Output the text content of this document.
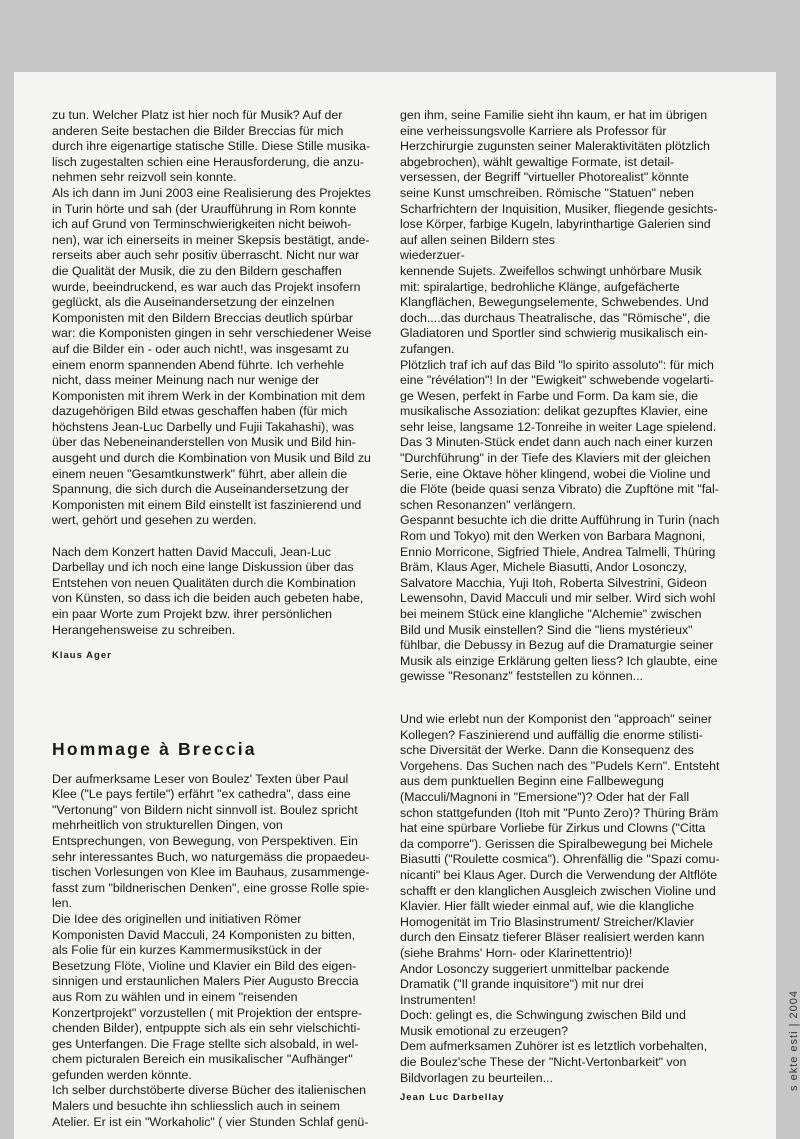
zu tun. Welcher Platz ist hier noch für Musik? Auf der
anderen Seite bestachen die Bilder Breccias für mich
durch ihre eigenartige statische Stille. Diese Stille musika-
lisch zugestalten schien eine Herausforderung, die anzu-
nehmen sehr reizvoll sein konnte.
Als ich dann im Juni 2003 eine Realisierung des Projektes
in Turin hörte und sah (der Uraufführung in Rom konnte
ich auf Grund von Terminschwierigkeiten nicht beiwoh-
nen), war ich einerseits in meiner Skepsis bestätigt, ande-
rerseits aber auch sehr positiv überrascht. Nicht nur war
die Qualität der Musik, die zu den Bildern geschaffen
wurde, beeindruckend, es war auch das Projekt insofern
geglückt, als die Auseinandersetzung der einzelnen
Komponisten mit den Bildern Breccias deutlich spürbar
war: die Komponisten gingen in sehr verschiedener Weise
auf die Bilder ein - oder auch nicht!, was insgesamt zu
einem enorm spannenden Abend führte. Ich verhehle
nicht, dass meiner Meinung nach nur wenige der
Komponisten mit ihrem Werk in der Kombination mit dem
dazugehörigen Bild etwas geschaffen haben (für mich
höchstens Jean-Luc Darbelly und Fujii Takahashi), was
über das Nebeneinanderstellen von Musik und Bild hin-
ausgeht und durch die Kombination von Musik und Bild zu
einem neuen "Gesamtkunstwerk" führt, aber allein die
Spannung, die sich durch die Auseinandersetzung der
Komponisten mit einem Bild einstellt ist faszinierend und
wert, gehört und gesehen zu werden.
Nach dem Konzert hatten David Macculi, Jean-Luc
Darbellay und ich noch eine lange Diskussion über das
Entstehen von neuen Qualitäten durch die Kombination
von Künsten, so dass ich die beiden auch gebeten habe,
ein paar Worte zum Projekt bzw. ihrer persönlichen
Herangehensweise zu schreiben.
Klaus Ager
Hommage à Breccia
Der aufmerksame Leser von Boulez' Texten über Paul
Klee ("Le pays fertile") erfährt "ex cathedra", dass eine
"Vertonung" von Bildern nicht sinnvoll ist. Boulez spricht
mehrheitlich von strukturellen Dingen, von
Entsprechungen, von Bewegung, von Perspektiven. Ein
sehr interessantes Buch, wo naturgemäss die propaedeu-
tischen Vorlesungen von Klee im Bauhaus, zusammenge-
fasst zum "bildnerischen Denken", eine grosse Rolle spie-
len.
Die Idee des originellen und initiativen Römer
Komponisten David Macculi, 24 Komponisten zu bitten,
als Folie für ein kurzes Kammermusikstück in der
Besetzung Flöte, Violine und Klavier ein Bild des eigen-
sinnigen und erstaunlichen Malers Pier Augusto Breccia
aus Rom zu wählen und in einem "reisenden
Konzertprojekt" vorzustellen ( mit Projektion der entspre-
chenden Bilder), entpuppte sich als ein sehr vielschichti-
ges Unterfangen. Die Frage stellte sich alsobald, in wel-
chem picturalen Bereich ein musikalischer "Aufhänger"
gefunden werden könnte.
Ich selber durchstöberte diverse Bücher des italienischen
Malers und besuchte ihn schliesslich auch in seinem
Atelier. Er ist ein "Workaholic" ( vier Stunden Schlaf genü-
gen ihm, seine Familie sieht ihn kaum, er hat im übrigen
eine verheissungsvolle Karriere als Professor für
Herzchirurgie zugunsten seiner Maleraktivitäten plötzlich
abgebrochen), wählt gewaltige Formate, ist detail-
versessen, der Begriff "virtueller Photorealist" könnte
seine Kunst umschreiben. Römische "Statuen" neben
Scharfrichtern der Inquisition, Musiker, fliegende gesichts-
lose Körper, farbige Kugeln, labyrinthartige Galerien sind
auf allen seinen Bildern stes
wiederzuer-
kennende Sujets. Zweifellos schwingt unhörbare Musik
mit: spiralartige, bedrohliche Klänge, aufgefächerte
Klangflächen, Bewegungselemente, Schwebendes. Und
doch....das durchaus Theatralische, das "Römische", die
Gladiatoren und Sportler sind schwierig musikalisch ein-
zufangen.
Plötzlich traf ich auf das Bild "lo spirito assoluto": für mich
eine "révélation"! In der "Ewigkeit" schwebende vogelarti-
ge Wesen, perfekt in Farbe und Form. Da kam sie, die
musikalische Assoziation: delikat gezupftes Klavier, eine
sehr leise, langsame 12-Tonreihe in weiter Lage spielend.
Das 3 Minuten-Stück endet dann auch nach einer kurzen
"Durchführung" in der Tiefe des Klaviers mit der gleichen
Serie, eine Oktave höher klingend, wobei die Violine und
die Flöte (beide quasi senza Vibrato) die Zupftöne mit "fal-
schen Resonanzen" verlängern.
Gespannt besuchte ich die dritte Aufführung in Turin (nach
Rom und Tokyo) mit den Werken von Barbara Magnoni,
Ennio Morricone, Sigfried Thiele, Andrea Talmelli, Thüring
Bräm, Klaus Ager, Michele Biasutti, Andor Losonczy,
Salvatore Macchia, Yuji Itoh, Roberta Silvestrini, Gideon
Lewensohn, David Macculi und mir selber. Wird sich wohl
bei meinem Stück eine klangliche "Alchemie" zwischen
Bild und Musik einstellen? Sind die "liens mystérieux"
fühlbar, die Debussy in Bezug auf die Dramaturgie seiner
Musik als einzige Erklärung gelten liess? Ich glaubte, eine
gewisse "Resonanz" feststellen zu können...
Und wie erlebt nun der Komponist den "approach" seiner
Kollegen? Faszinierend und auffällig die enorme stilisti-
sche Diversität der Werke. Dann die Konsequenz des
Vorgehens. Das Suchen nach des "Pudels Kern". Entsteht
aus dem punktuellen Beginn eine Fallbewegung
(Macculi/Magnoni in "Emersione")? Oder hat der Fall
schon stattgefunden (Itoh mit "Punto Zero)? Thüring Bräm
hat eine spürbare Vorliebe für Zirkus und Clowns ("Citta
da comporre"). Gerissen die Spiralbewegung bei Michele
Biasutti ("Roulette cosmica"). Ohrenfällig die "Spazi comu-
nicanti" bei Klaus Ager. Durch die Verwendung der Altflöte
schafft er den klanglichen Ausgleich zwischen Violine und
Klavier. Hier fällt wieder einmal auf, wie die klangliche
Homogenität im Trio Blasinstrument/ Streicher/Klavier
durch den Einsatz tieferer Bläser realisiert werden kann
(siehe Brahms' Horn- oder Klarinettentrio)!
Andor Losonczy suggeriert unmittelbar packende
Dramatik ("Il grande inquisitore") mit nur drei
Instrumenten!
Doch: gelingt es, die Schwingung zwischen Bild und
Musik emotional zu erzeugen?
Dem aufmerksamen Zuhörer ist es letztlich vorbehalten,
die Boulez'sche These der "Nicht-Vertonbarkeit" von
Bildvorlagen zu beurteilen...
Jean Luc Darbellay
s ekte esti | 2004
